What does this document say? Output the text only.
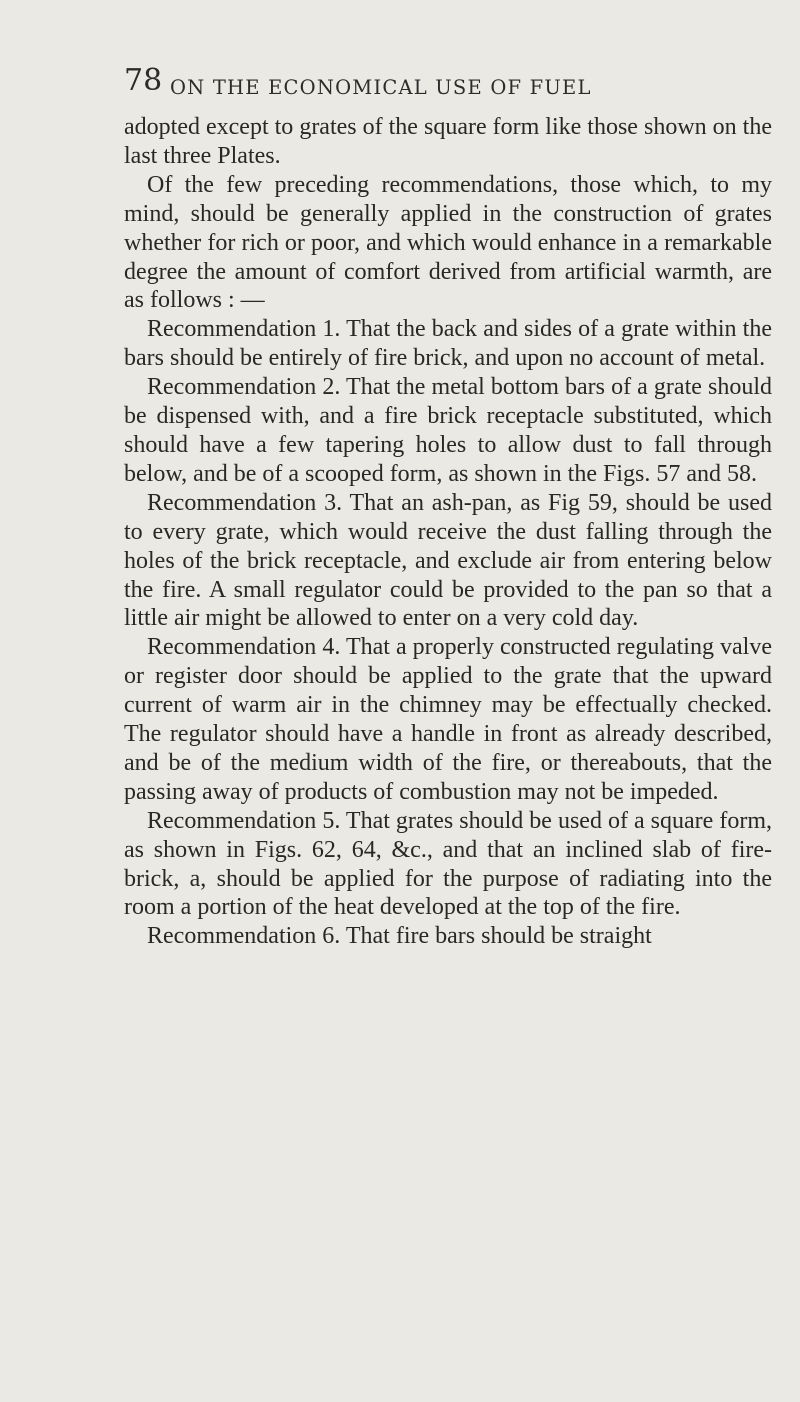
78 ON THE ECONOMICAL USE OF FUEL

adopted except to grates of the square form like those shown on the last three Plates.

Of the few preceding recommendations, those which, to my mind, should be generally applied in the construction of grates whether for rich or poor, and which would enhance in a remarkable degree the amount of comfort derived from artificial warmth, are as follows : —

Recommendation 1. That the back and sides of a grate within the bars should be entirely of fire brick, and upon no account of metal.

Recommendation 2. That the metal bottom bars of a grate should be dispensed with, and a fire brick receptacle substituted, which should have a few tapering holes to allow dust to fall through below, and be of a scooped form, as shown in the Figs. 57 and 58.

Recommendation 3. That an ash-pan, as Fig 59, should be used to every grate, which would receive the dust falling through the holes of the brick receptacle, and exclude air from entering below the fire. A small regulator could be provided to the pan so that a little air might be allowed to enter on a very cold day.

Recommendation 4. That a properly constructed regulating valve or register door should be applied to the grate that the upward current of warm air in the chimney may be effectually checked. The regulator should have a handle in front as already described, and be of the medium width of the fire, or thereabouts, that the passing away of products of combustion may not be impeded.

Recommendation 5. That grates should be used of a square form, as shown in Figs. 62, 64, &c., and that an inclined slab of fire-brick, a, should be applied for the purpose of radiating into the room a portion of the heat developed at the top of the fire.

Recommendation 6. That fire bars should be straight
